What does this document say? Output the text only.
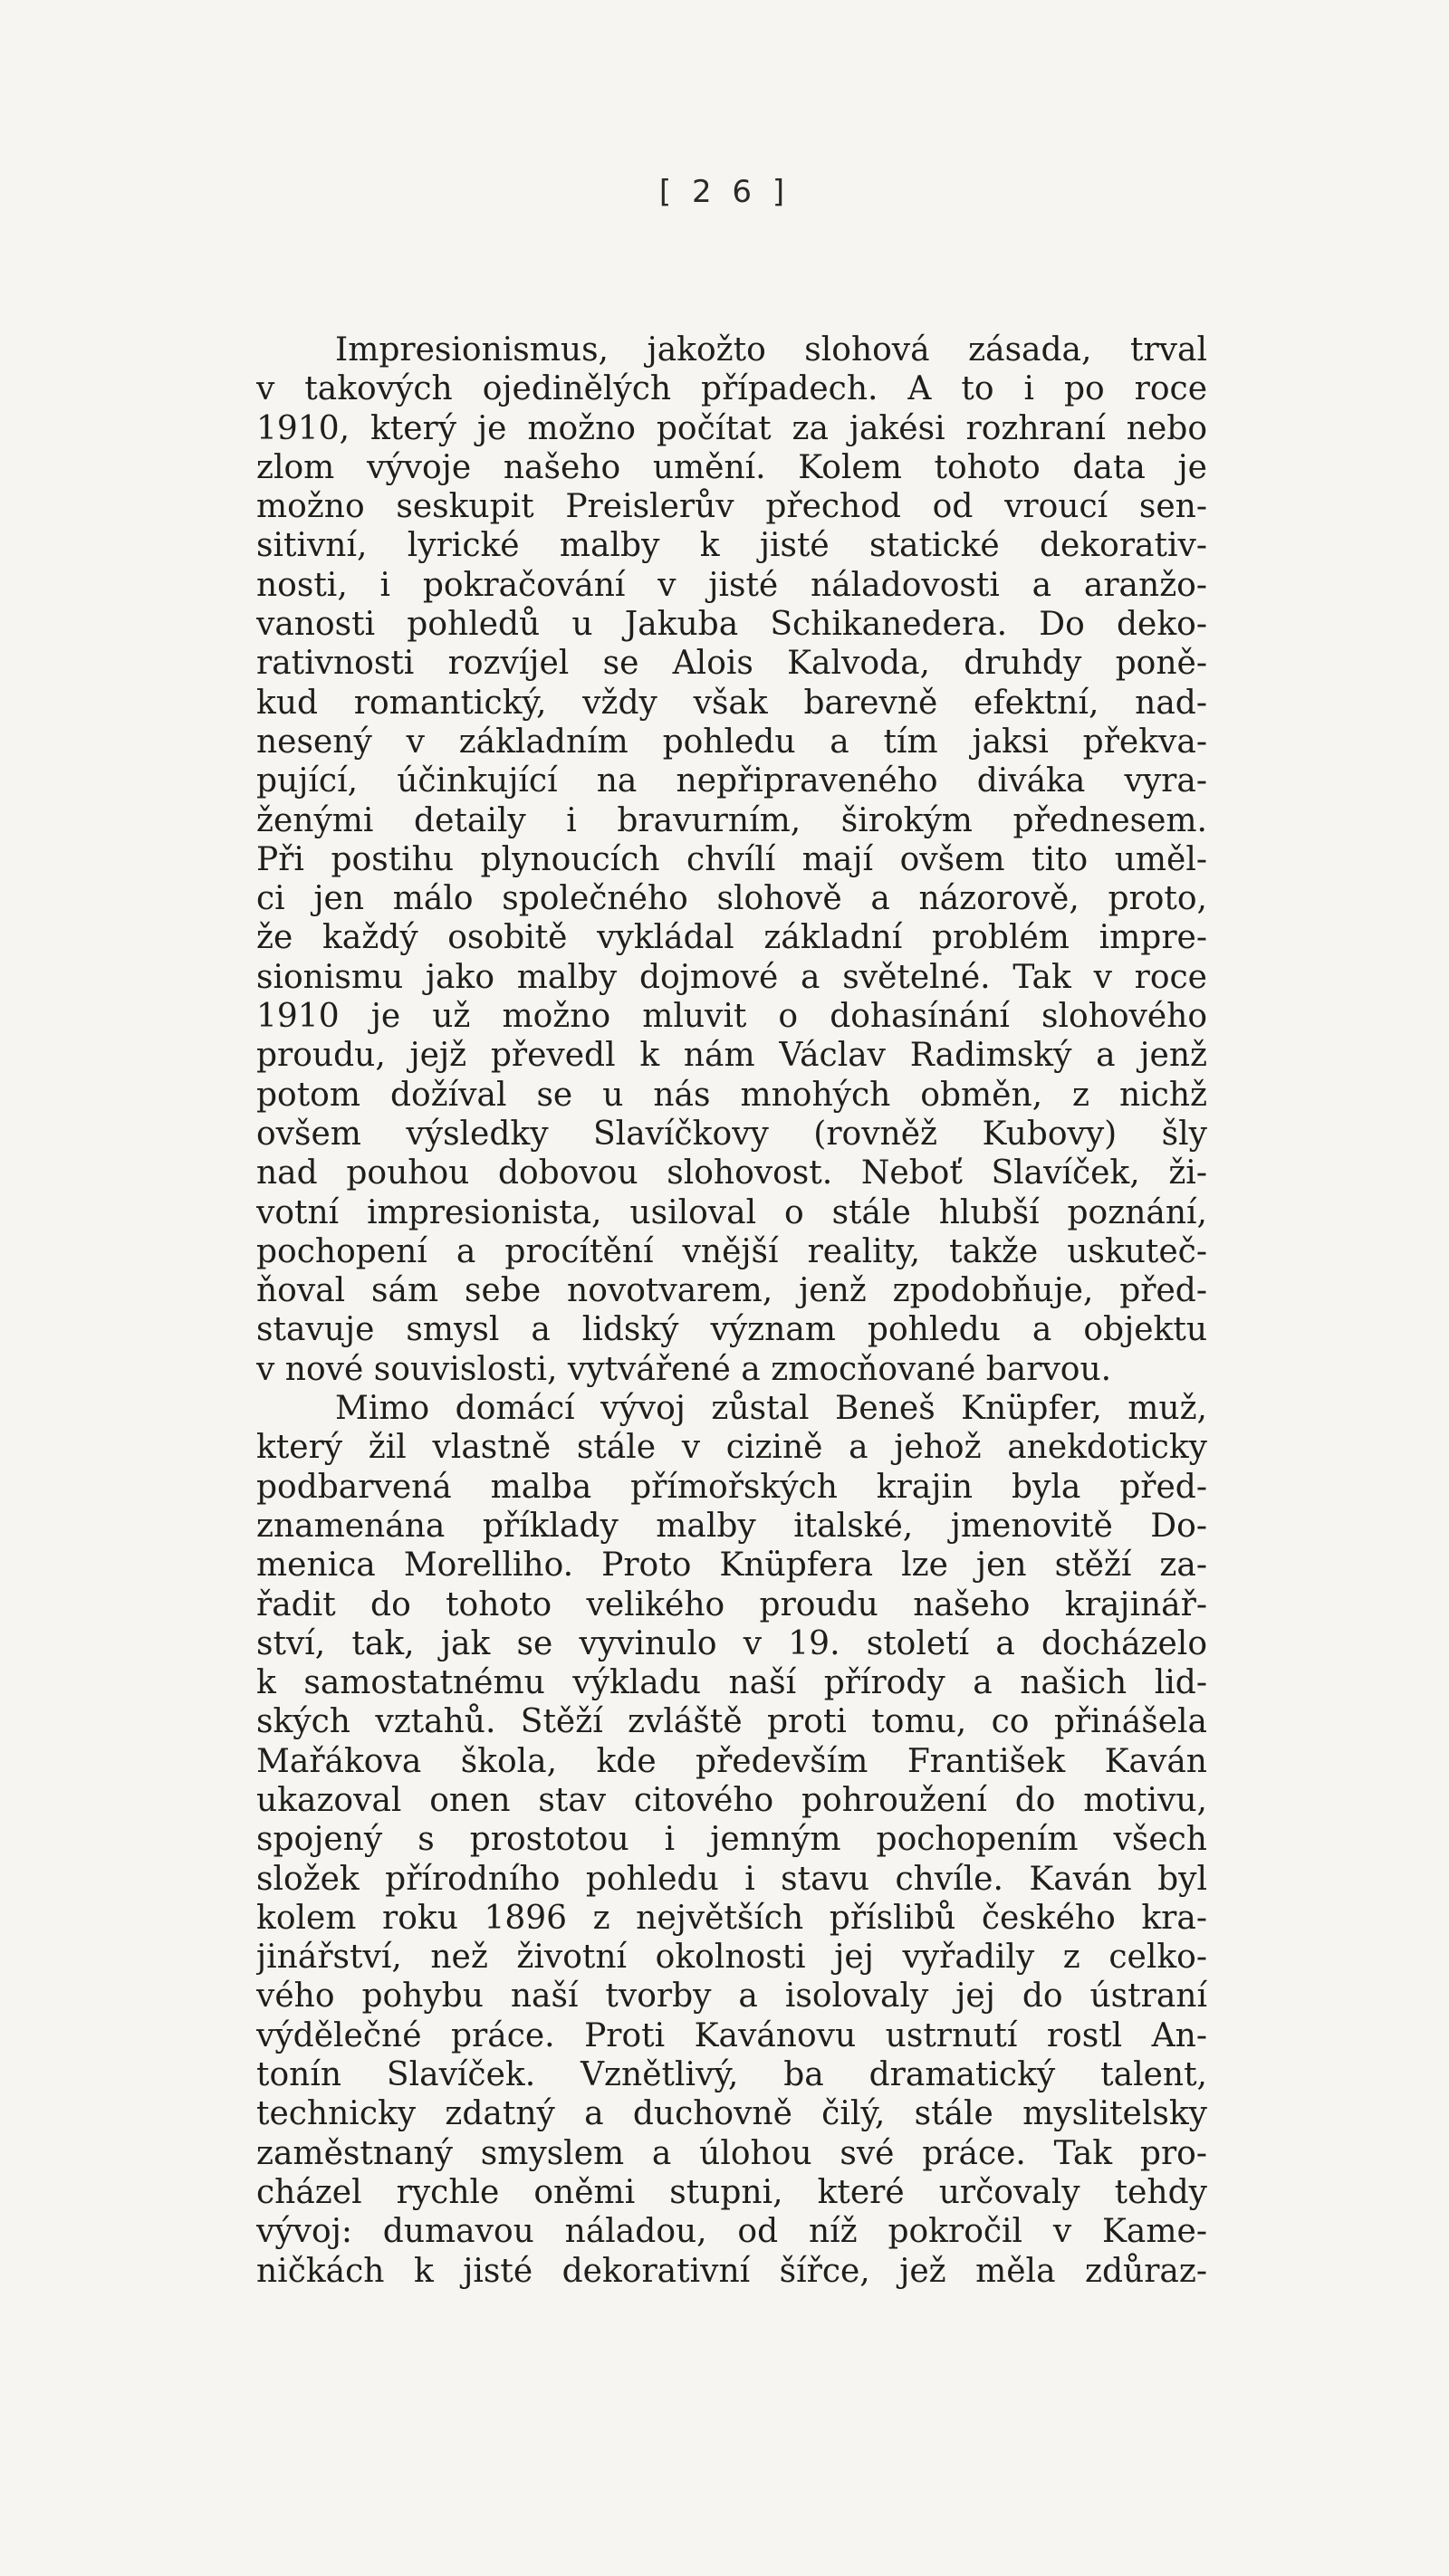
[ 2 6 ]
Impresionismus, jakožto slohová zásada, trval
v takových ojedinělých případech. A to i po roce
1910, který je možno počítat za jakési rozhraní nebo
zlom vývoje našeho umění. Kolem tohoto data je
možno seskupit Preislerův přechod od vroucí sen-
sitivní, lyrické malby k jisté statické dekorativ-
nosti, i pokračování v jisté náladovosti a aranžo-
vanosti pohledů u Jakuba Schikanedera. Do deko-
rativnosti rozvíjel se Alois Kalvoda, druhdy poně-
kud romantický, vždy však barevně efektní, nad-
nesený v základním pohledu a tím jaksi překva-
pující, účinkující na nepřipraveného diváka vyra-
ženými detaily i bravurním, širokým přednesem.
Při postihu plynoucích chvílí mají ovšem tito uměl-
ci jen málo společného slohově a názorově, proto,
že každý osobitě vykládal základní problém impre-
sionismu jako malby dojmové a světelné. Tak v roce
1910 je už možno mluvit o dohasínání slohového
proudu, jejž převedl k nám Václav Radimský a jenž
potom dožíval se u nás mnohých obměn, z nichž
ovšem výsledky Slavíčkovy (rovněž Kubovy) šly
nad pouhou dobovou slohovost. Neboť Slavíček, ži-
votní impresionista, usiloval o stále hlubší poznání,
pochopení a procítění vnější reality, takže uskuteč-
ňoval sám sebe novotvarem, jenž zpodobňuje, před-
stavuje smysl a lidský význam pohledu a objektu
v nové souvislosti, vytvářené a zmocňované barvou.
Mimo domácí vývoj zůstal Beneš Knüpfer, muž,
který žil vlastně stále v cizině a jehož anekdoticky
podbarvená malba přímořských krajin byla před-
znamenána příklady malby italské, jmenovitě Do-
menica Morelliho. Proto Knüpfera lze jen stěží za-
řadit do tohoto velikého proudu našeho krajinář-
ství, tak, jak se vyvinulo v 19. století a docházelo
k samostatnému výkladu naší přírody a našich lid-
ských vztahů. Stěží zvláště proti tomu, co přinášela
Mařákova škola, kde především František Kaván
ukazoval onen stav citového pohroužení do motivu,
spojený s prostotou i jemným pochopením všech
složek přírodního pohledu i stavu chvíle. Kaván byl
kolem roku 1896 z největších příslibů českého kra-
jinářství, než životní okolnosti jej vyřadily z celko-
vého pohybu naší tvorby a isolovaly jej do ústraní
výdělečné práce. Proti Kavánovu ustrnutí rostl An-
tonín Slavíček. Vznětlivý, ba dramatický talent,
technicky zdatný a duchovně čilý, stále myslitelsky
zaměstnaný smyslem a úlohou své práce. Tak pro-
cházel rychle oněmi stupni, které určovaly tehdy
vývoj: dumavou náladou, od níž pokročil v Kame-
ničkách k jisté dekorativní šířce, jež měla zdůraz-
